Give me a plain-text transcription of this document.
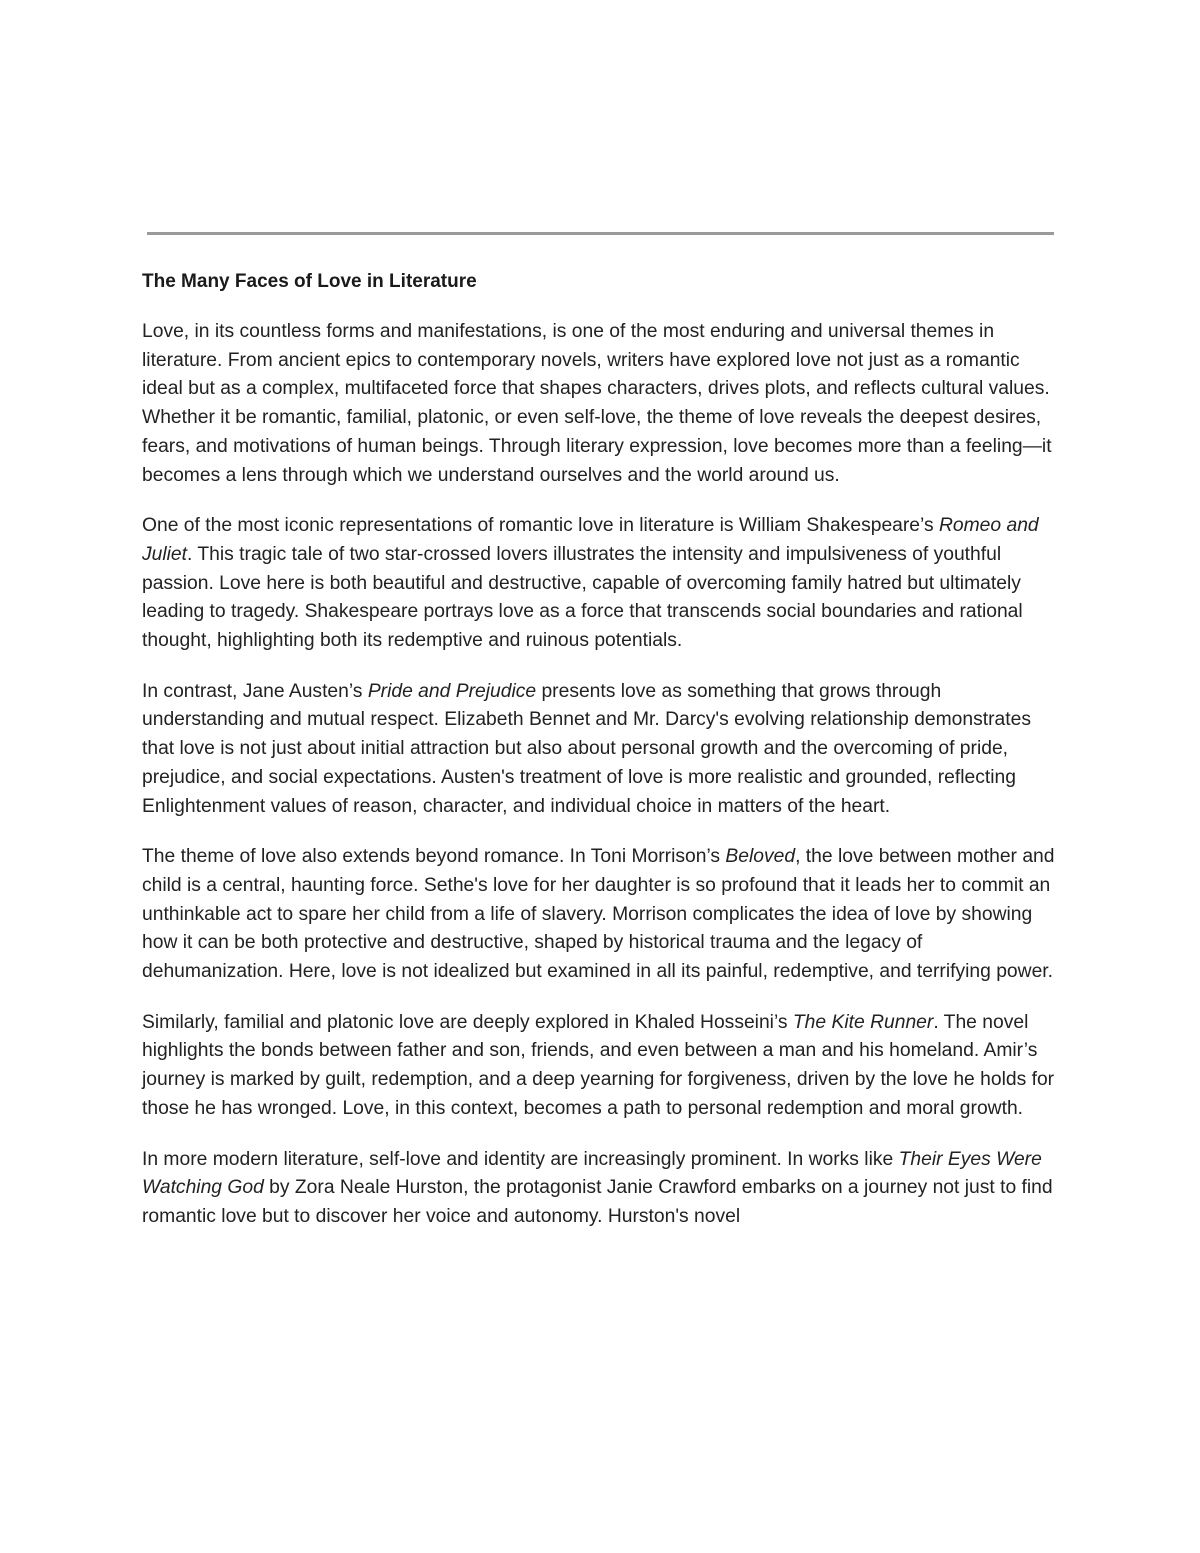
The Many Faces of Love in Literature

Love, in its countless forms and manifestations, is one of the most enduring and universal themes in literature. From ancient epics to contemporary novels, writers have explored love not just as a romantic ideal but as a complex, multifaceted force that shapes characters, drives plots, and reflects cultural values. Whether it be romantic, familial, platonic, or even self-love, the theme of love reveals the deepest desires, fears, and motivations of human beings. Through literary expression, love becomes more than a feeling—it becomes a lens through which we understand ourselves and the world around us.

One of the most iconic representations of romantic love in literature is William Shakespeare’s Romeo and Juliet. This tragic tale of two star-crossed lovers illustrates the intensity and impulsiveness of youthful passion. Love here is both beautiful and destructive, capable of overcoming family hatred but ultimately leading to tragedy. Shakespeare portrays love as a force that transcends social boundaries and rational thought, highlighting both its redemptive and ruinous potentials.

In contrast, Jane Austen’s Pride and Prejudice presents love as something that grows through understanding and mutual respect. Elizabeth Bennet and Mr. Darcy's evolving relationship demonstrates that love is not just about initial attraction but also about personal growth and the overcoming of pride, prejudice, and social expectations. Austen's treatment of love is more realistic and grounded, reflecting Enlightenment values of reason, character, and individual choice in matters of the heart.

The theme of love also extends beyond romance. In Toni Morrison’s Beloved, the love between mother and child is a central, haunting force. Sethe's love for her daughter is so profound that it leads her to commit an unthinkable act to spare her child from a life of slavery. Morrison complicates the idea of love by showing how it can be both protective and destructive, shaped by historical trauma and the legacy of dehumanization. Here, love is not idealized but examined in all its painful, redemptive, and terrifying power.

Similarly, familial and platonic love are deeply explored in Khaled Hosseini’s The Kite Runner. The novel highlights the bonds between father and son, friends, and even between a man and his homeland. Amir’s journey is marked by guilt, redemption, and a deep yearning for forgiveness, driven by the love he holds for those he has wronged. Love, in this context, becomes a path to personal redemption and moral growth.

In more modern literature, self-love and identity are increasingly prominent. In works like Their Eyes Were Watching God by Zora Neale Hurston, the protagonist Janie Crawford embarks on a journey not just to find romantic love but to discover her voice and autonomy. Hurston's novel
